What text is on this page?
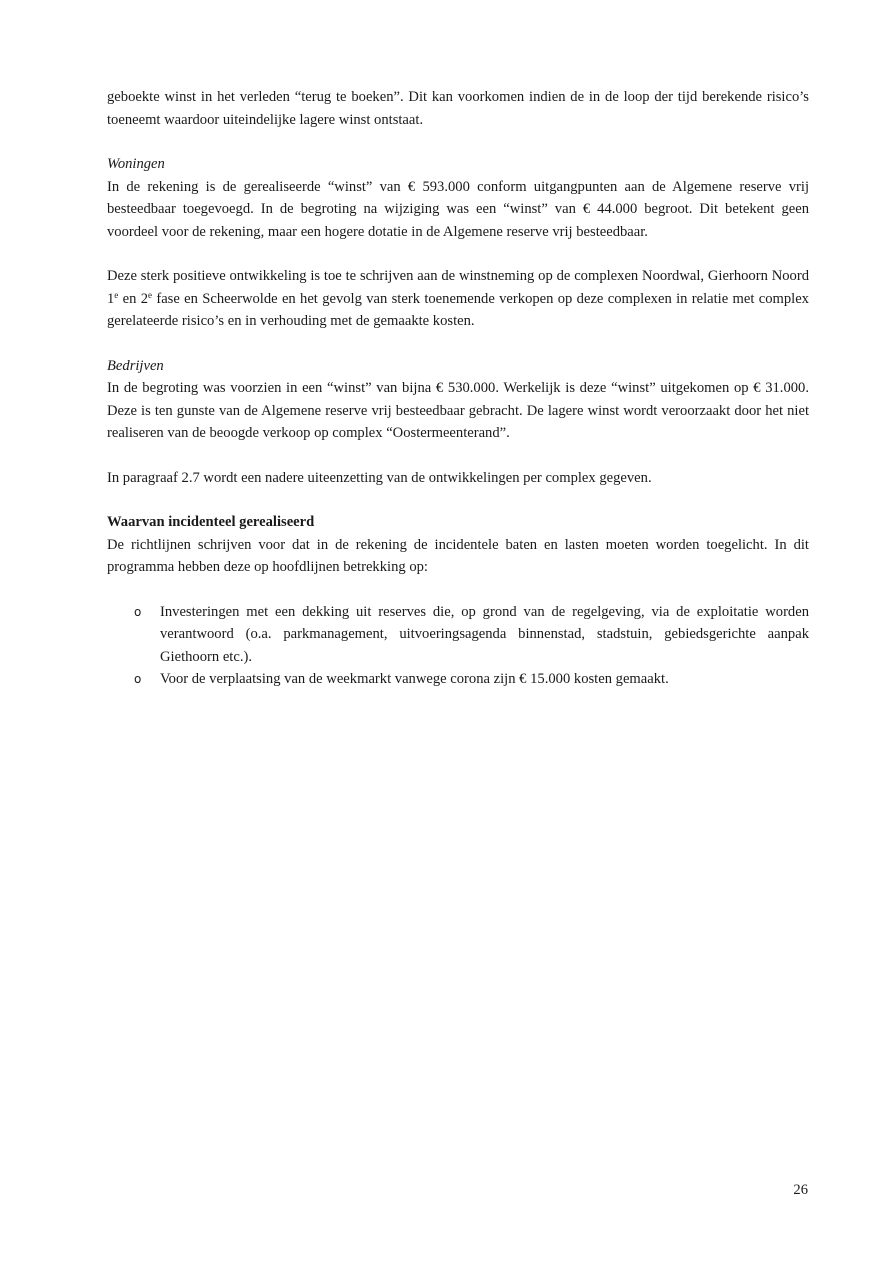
geboekte winst in het verleden “terug te boeken”. Dit kan voorkomen indien de in de loop der tijd berekende risico’s toeneemt waardoor uiteindelijke lagere winst ontstaat.

Woningen

In de rekening is de gerealiseerde “winst” van € 593.000 conform uitgangpunten aan de Algemene reserve vrij besteedbaar toegevoegd. In de begroting na wijziging was een “winst” van € 44.000 begroot. Dit betekent geen voordeel voor de rekening, maar een hogere dotatie in de Algemene reserve vrij besteedbaar.

Deze sterk positieve ontwikkeling is toe te schrijven aan de winstneming op de complexen Noordwal, Gierhoorn Noord 1e en 2e fase en Scheerwolde en het gevolg van sterk toenemende verkopen op deze complexen in relatie met complex gerelateerde risico’s en in verhouding met de gemaakte kosten.

Bedrijven

In de begroting was voorzien in een “winst” van bijna € 530.000. Werkelijk is deze “winst” uitgekomen op € 31.000. Deze is ten gunste van de Algemene reserve vrij besteedbaar gebracht. De lagere winst wordt veroorzaakt door het niet realiseren van de beoogde verkoop op complex “Oostermeenterand”.

In paragraaf 2.7 wordt een nadere uiteenzetting van de ontwikkelingen per complex gegeven.

Waarvan incidenteel gerealiseerd

De richtlijnen schrijven voor dat in de rekening de incidentele baten en lasten moeten worden toegelicht. In dit programma hebben deze op hoofdlijnen betrekking op:

o Investeringen met een dekking uit reserves die, op grond van de regelgeving, via de exploitatie worden verantwoord (o.a. parkmanagement, uitvoeringsagenda binnenstad, stadstuin, gebiedsgerichte aanpak Giethoorn etc.).
o Voor de verplaatsing van de weekmarkt vanwege corona zijn € 15.000 kosten gemaakt.
26
